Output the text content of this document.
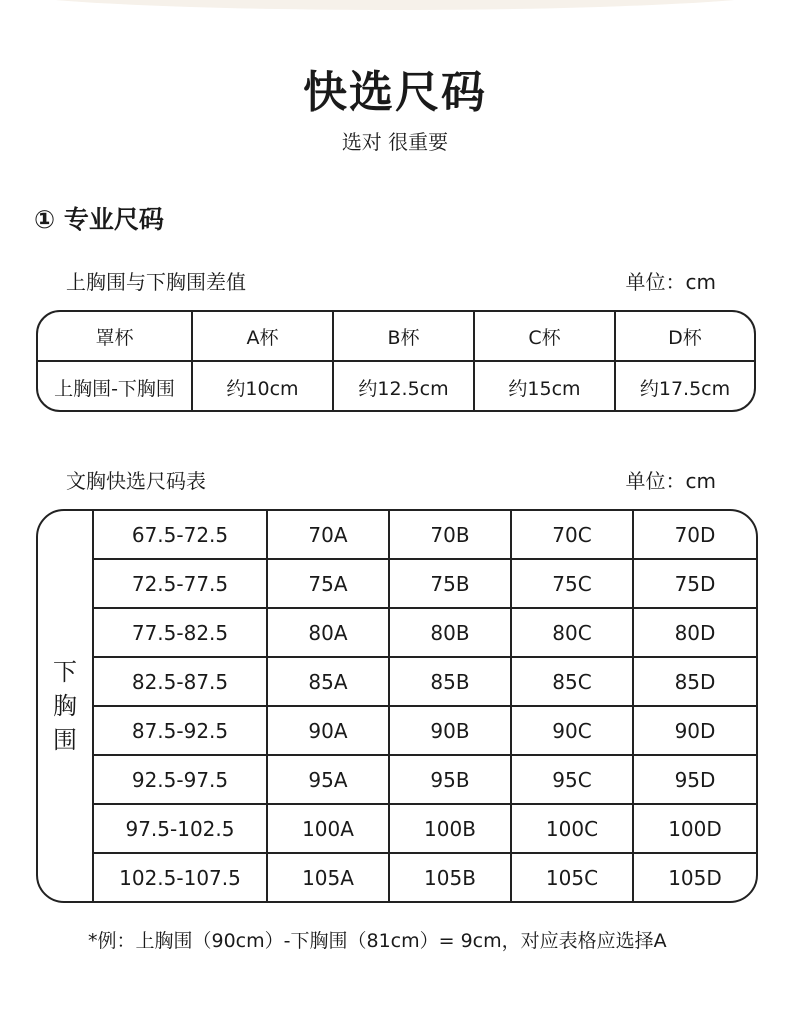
快选尺码
选对 很重要
① 专业尺码
上胸围与下胸围差值	单位：cm
罩杯	A杯	B杯	C杯	D杯
上胸围-下胸围	约10cm	约12.5cm	约15cm	约17.5cm
文胸快选尺码表	单位：cm
下胸围
67.5-72.5	70A	70B	70C	70D
72.5-77.5	75A	75B	75C	75D
77.5-82.5	80A	80B	80C	80D
82.5-87.5	85A	85B	85C	85D
87.5-92.5	90A	90B	90C	90D
92.5-97.5	95A	95B	95C	95D
97.5-102.5	100A	100B	100C	100D
102.5-107.5	105A	105B	105C	105D
*例：上胸围（90cm）-下胸围（81cm）= 9cm，对应表格应选择A
